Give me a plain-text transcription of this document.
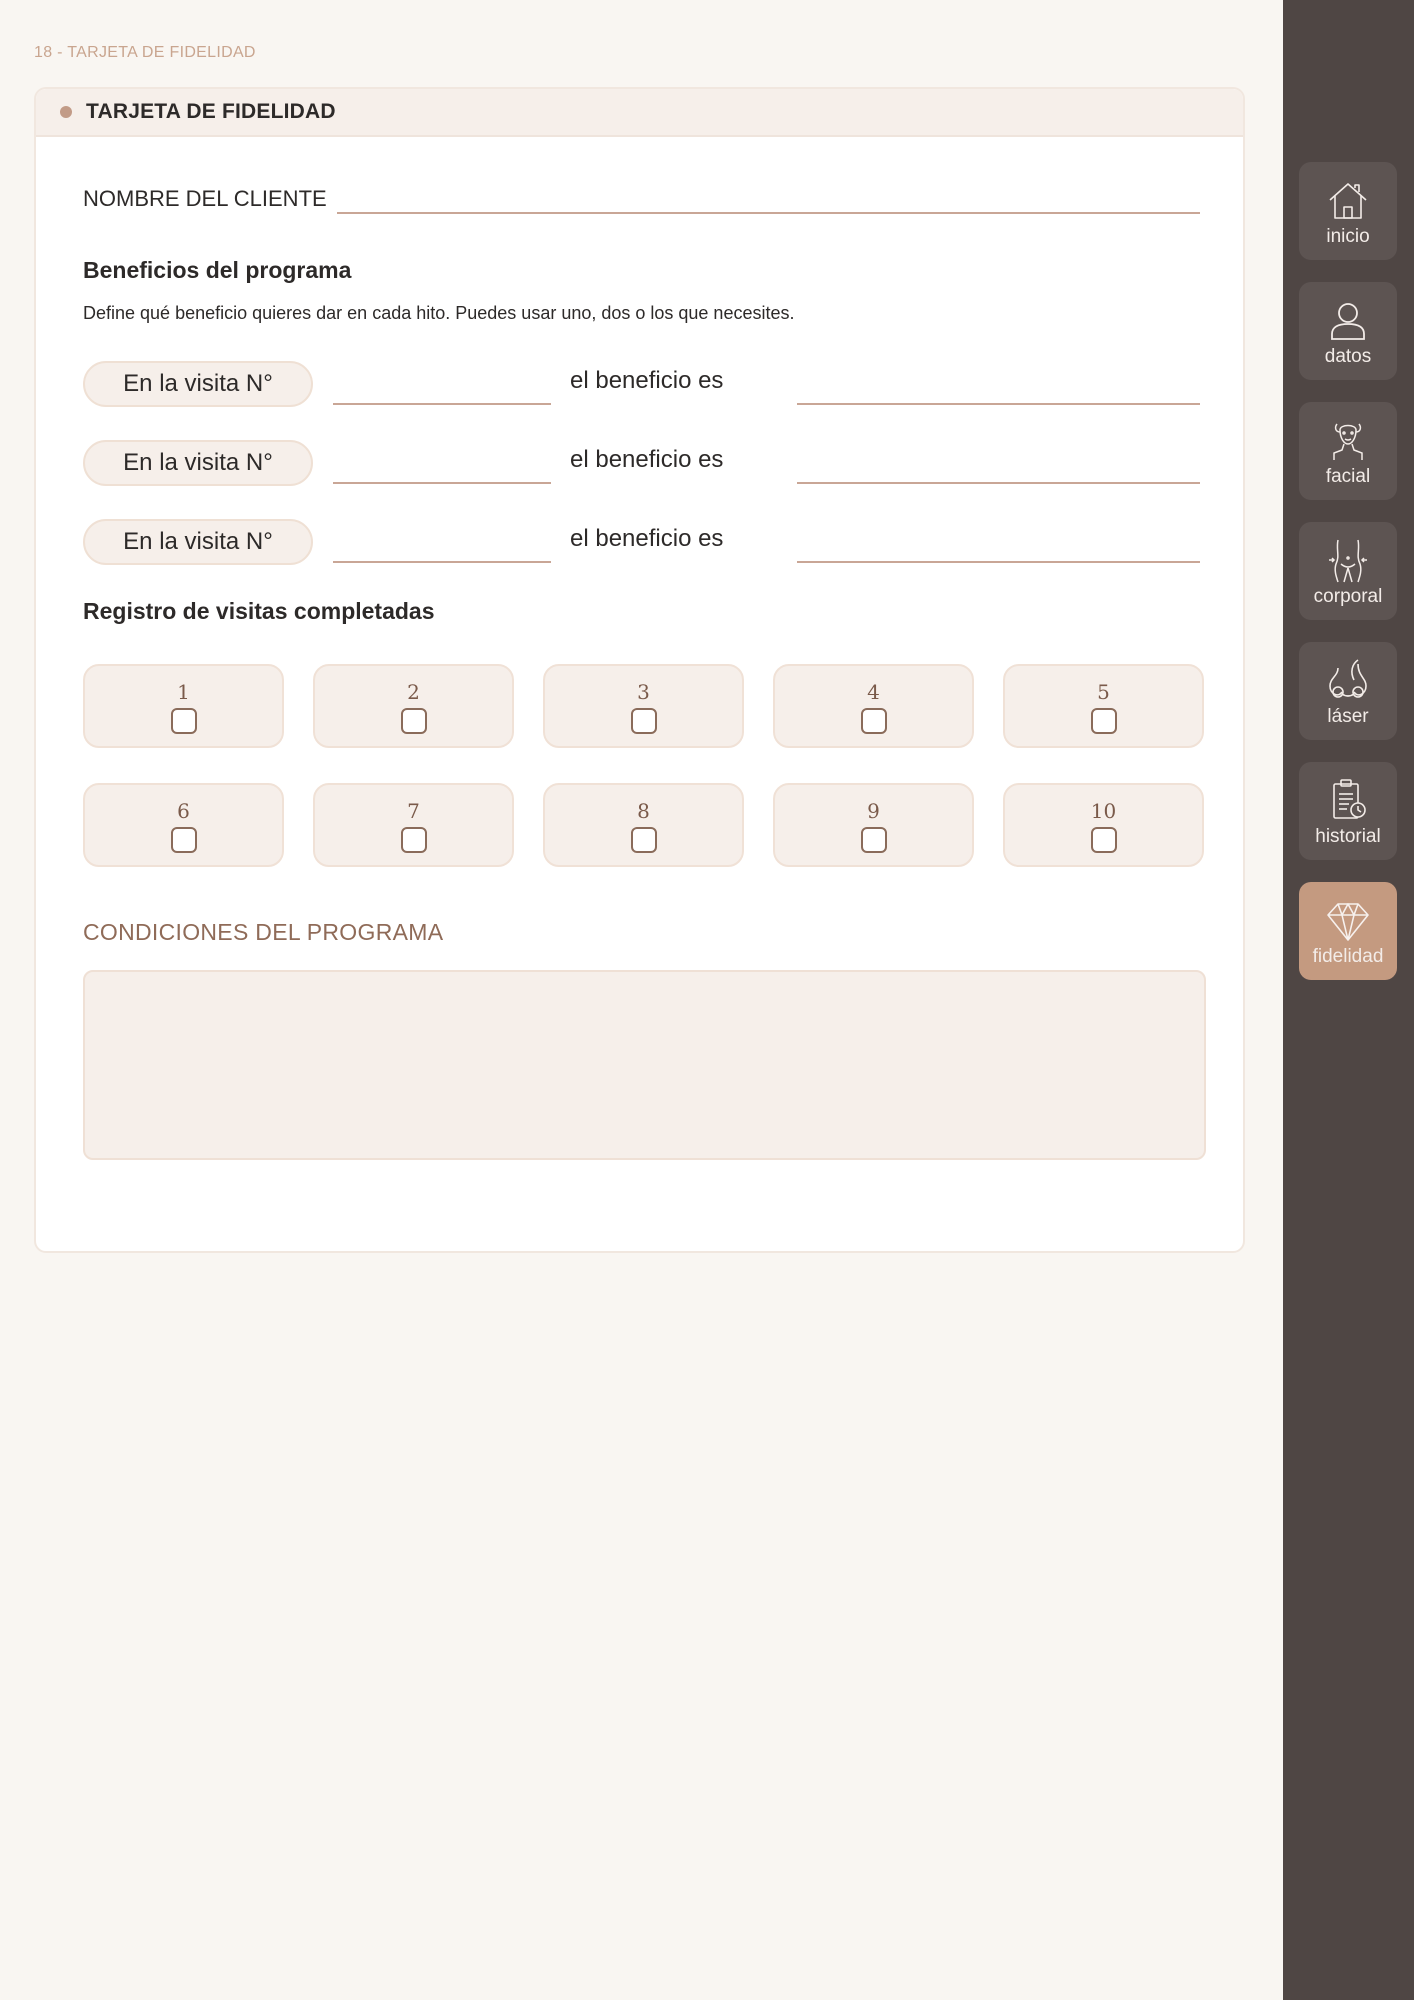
18 - TARJETA DE FIDELIDAD
TARJETA DE FIDELIDAD
NOMBRE DEL CLIENTE
Beneficios del programa
Define qué beneficio quieres dar en cada hito. Puedes usar uno, dos o los que necesites.
En la visita N°	el beneficio es
En la visita N°	el beneficio es
En la visita N°	el beneficio es
Registro de visitas completadas
1	2	3	4	5
6	7	8	9	10
CONDICIONES DEL PROGRAMA
inicio
datos
facial
corporal
láser
historial
fidelidad
